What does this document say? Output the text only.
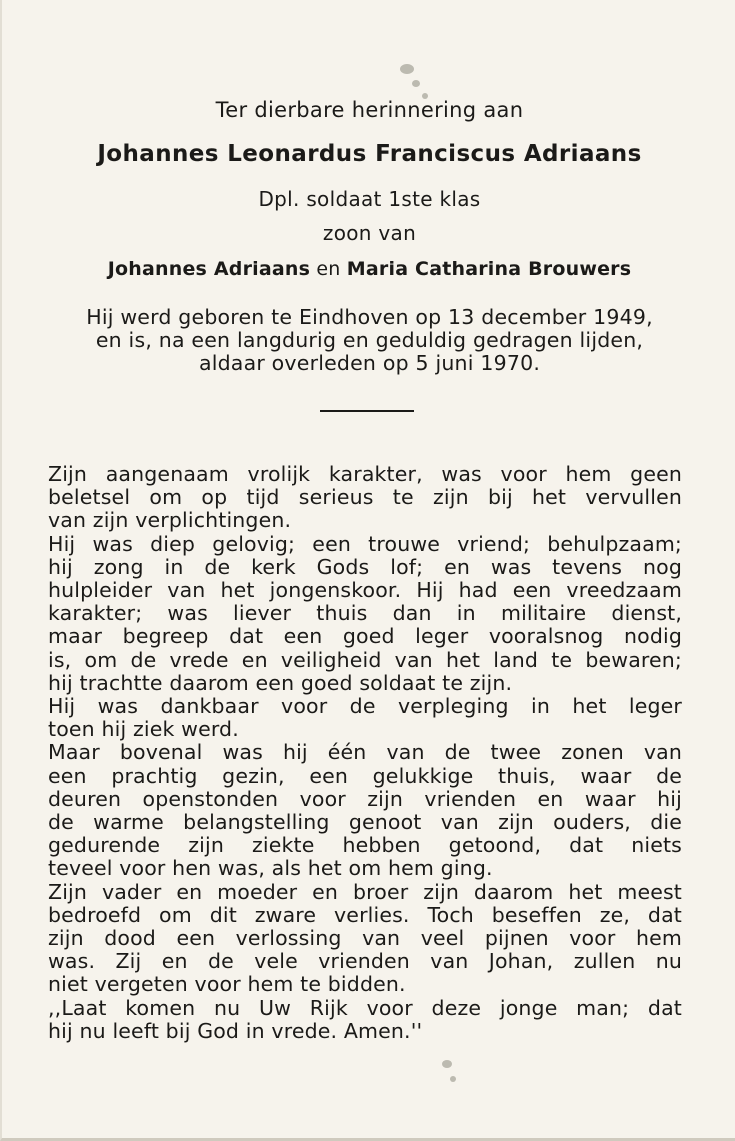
Ter dierbare herinnering aan
Johannes Leonardus Franciscus Adriaans
Dpl. soldaat 1ste klas
zoon van
Johannes Adriaans en Maria Catharina Brouwers
Hij werd geboren te Eindhoven op 13 december 1949,
en is, na een langdurig en geduldig gedragen lijden,
aldaar overleden op 5 juni 1970.
Zijn aangenaam vrolijk karakter, was voor hem geen
beletsel om op tijd serieus te zijn bij het vervullen
van zijn verplichtingen.
Hij was diep gelovig; een trouwe vriend; behulpzaam;
hij zong in de kerk Gods lof; en was tevens nog
hulpleider van het jongenskoor. Hij had een vreedzaam
karakter; was liever thuis dan in militaire dienst,
maar begreep dat een goed leger vooralsnog nodig
is, om de vrede en veiligheid van het land te bewaren;
hij trachtte daarom een goed soldaat te zijn.
Hij was dankbaar voor de verpleging in het leger
toen hij ziek werd.
Maar bovenal was hij één van de twee zonen van
een prachtig gezin, een gelukkige thuis, waar de
deuren openstonden voor zijn vrienden en waar hij
de warme belangstelling genoot van zijn ouders, die
gedurende zijn ziekte hebben getoond, dat niets
teveel voor hen was, als het om hem ging.
Zijn vader en moeder en broer zijn daarom het meest
bedroefd om dit zware verlies. Toch beseffen ze, dat
zijn dood een verlossing van veel pijnen voor hem
was. Zij en de vele vrienden van Johan, zullen nu
niet vergeten voor hem te bidden.
,,Laat komen nu Uw Rijk voor deze jonge man; dat
hij nu leeft bij God in vrede. Amen.''
